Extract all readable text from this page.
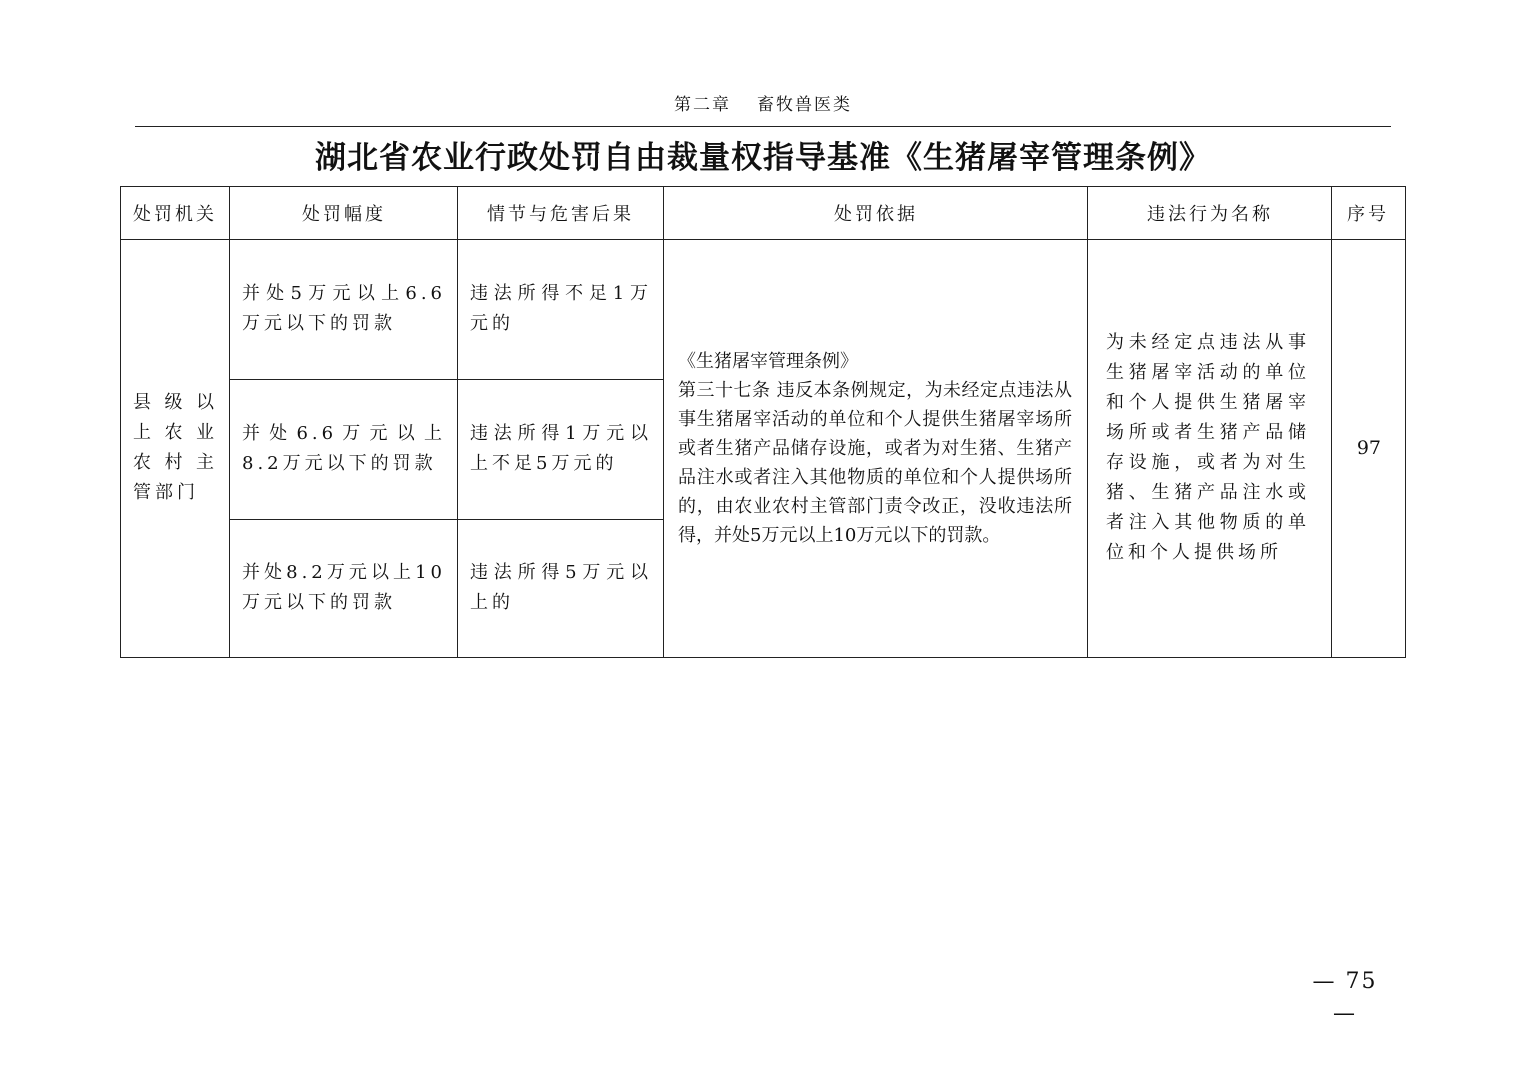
第二章 畜牧兽医类
湖北省农业行政处罚自由裁量权指导基准《生猪屠宰管理条例》
序号
违法行为名称
处罚依据
情节与危害后果
处罚幅度
处罚机关
97
为未经定点违法从事生猪屠宰活动的单位和个人提供生猪屠宰场所或者生猪产品储存设施，或者为对生猪、生猪产品注水或者注入其他物质的单位和个人提供场所
《生猪屠宰管理条例》
第三十七条 违反本条例规定，为未经定点违法从事生猪屠宰活动的单位和个人提供生猪屠宰场所或者生猪产品储存设施，或者为对生猪、生猪产品注水或者注入其他物质的单位和个人提供场所的，由农业农村主管部门责令改正，没收违法所得，并处5万元以上10万元以下的罚款。
违法所得不足1万元的
违法所得1万元以上不足5万元的
违法所得5万元以上的
并处5万元以上6.6万元以下的罚款
并处6.6万元以上8.2万元以下的罚款
并处8.2万元以上10万元以下的罚款
县级以上农业农村主管部门
— 75 —
